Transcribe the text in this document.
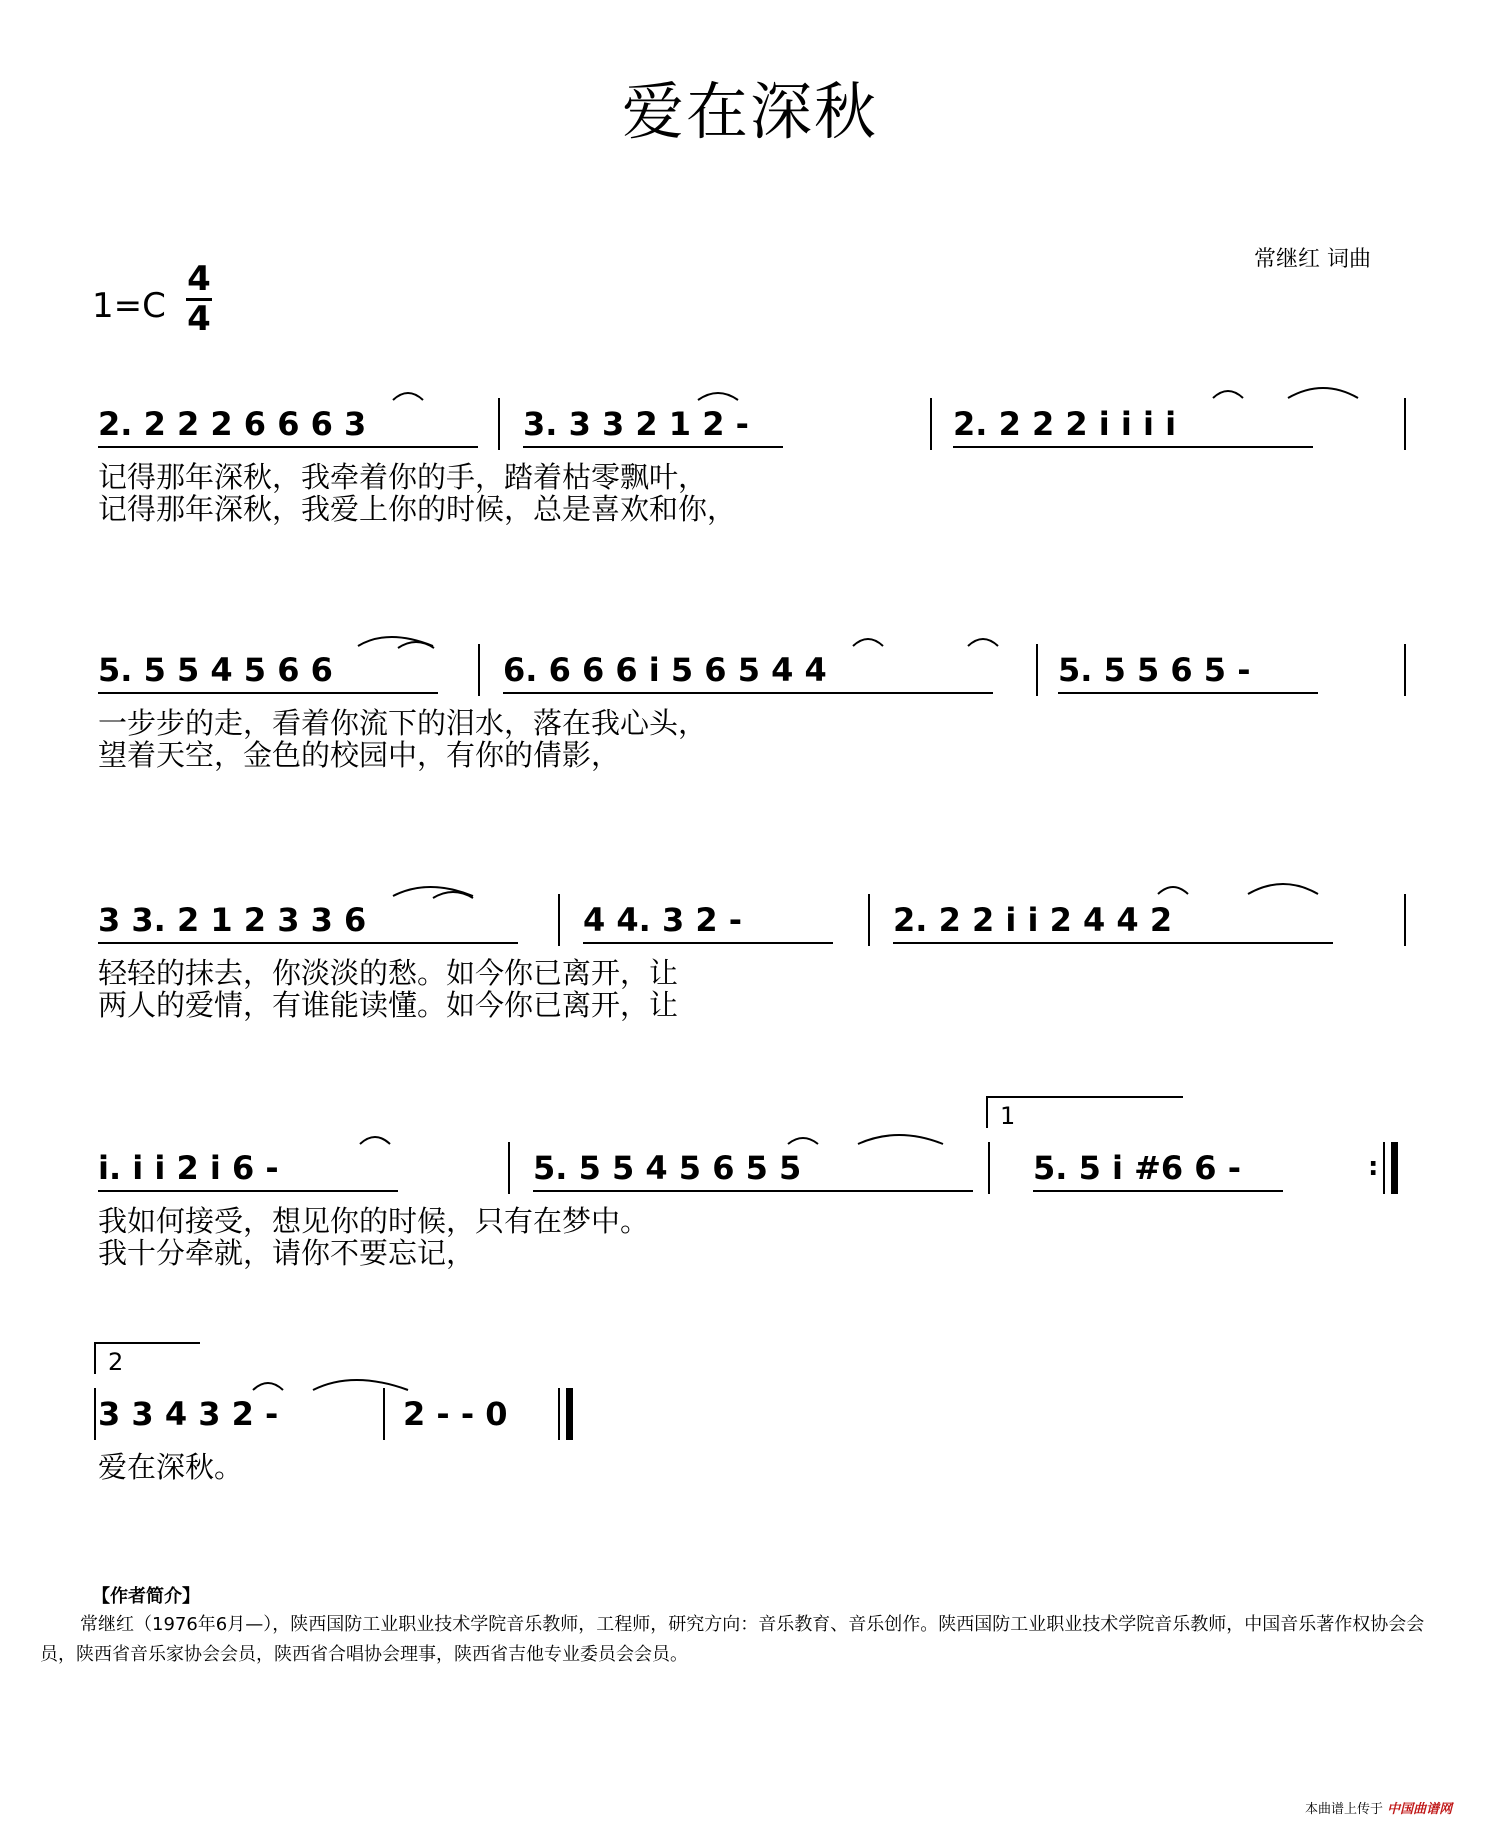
爱在深秋
常继红 词曲
1=C
4
4
2. 2 2 2 6 6 6 3	3. 3 3 2 1 2 -	2. 2 2 2 i i i i
记得那年深秋，我牵着你的手，踏着枯零飘叶，
记得那年深秋，我爱上你的时候，总是喜欢和你，
5. 5 5 4 5 6 6	6. 6 6 6 i 5 6 5 4 4	5. 5 5 6 5 -
一步步的走，看着你流下的泪水，落在我心头，
望着天空，金色的校园中，有你的倩影，
3 3. 2 1 2 3 3 6	4 4. 3 2 -	2. 2 2 i i 2 4 4 2
轻轻的抹去，你淡淡的愁。如今你已离开，让
两人的爱情，有谁能读懂。如今你已离开，让
i. i i 2 i 6 -	5. 5 5 4 5 6 5 5	5. 5 i #6 6 -	:
1
我如何接受，想见你的时候，只有在梦中。
我十分牵就，请你不要忘记，
3 3 4 3 2 -	2 - - 0
2
爱在深秋。
【作者简介】
常继红（1976年6月—），陕西国防工业职业技术学院音乐教师，工程师，研究方向：音乐教育、音乐创作。陕西国防工业职业技术学院音乐教师，中国音乐著作权协会会员，陕西省音乐家协会会员，陕西省合唱协会理事，陕西省吉他专业委员会会员。
本曲谱上传于 中国曲谱网
